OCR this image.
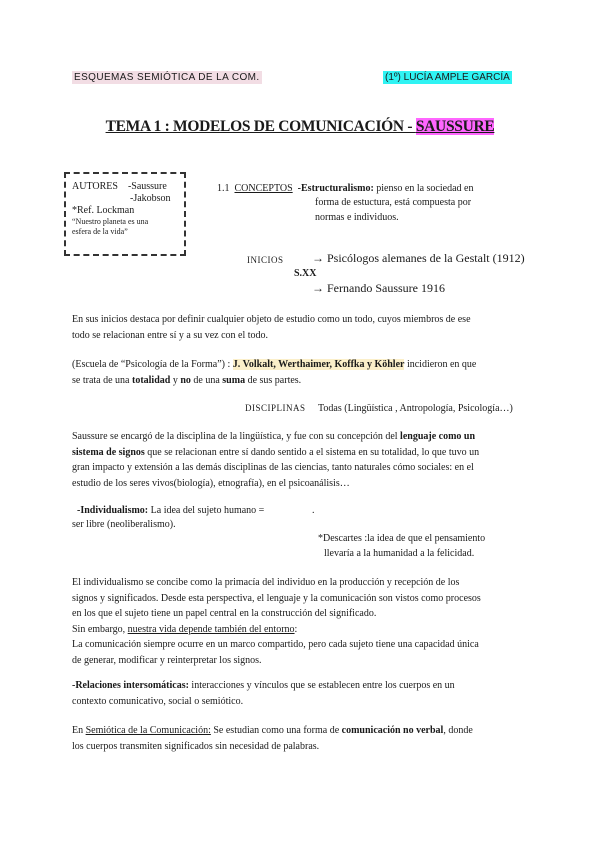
ESQUEMAS SEMIÓTICA DE LA COM.	(1º) LUCÍA AMPLE GARCÍA
TEMA 1 : MODELOS DE COMUNICACIÓN - SAUSSURE
AUTORES -Saussure
-Jakobson
*Ref. Lockman
“Nuestro planeta es una
esfera de la vida”
1.1 CONCEPTOS -Estructuralismo: pienso en la sociedad en
forma de estuctura, está compuesta por
normas e individuos.
INICIOS → Psicólogos alemanes de la Gestalt (1912)
S.XX
→ Fernando Saussure 1916
En sus inicios destaca por definir cualquier objeto de estudio como un todo, cuyos miembros de ese
todo se relacionan entre sí y a su vez con el todo.
(Escuela de “Psicología de la Forma”) : J. Volkalt, Werthaimer, Koffka y Köhler incidieron en que
se trata de una totalidad y no de una suma de sus partes.
DISCIPLINAS Todas (Lingüística , Antropología, Psicología…)
Saussure se encargó de la disciplina de la lingüística, y fue con su concepción del lenguaje como un
sistema de signos que se relacionan entre sí dando sentido a el sistema en su totalidad, lo que tuvo un
gran impacto y extensión a las demás disciplinas de las ciencias, tanto naturales cómo sociales: en el
estudio de los seres vivos(biología), etnografía), en el psicoanálisis…
-Individualismo: La idea del sujeto humano =	.
ser libre (neoliberalismo).
*Descartes :la idea de que el pensamiento
llevaría a la humanidad a la felicidad.
El individualismo se concibe como la primacía del individuo en la producción y recepción de los
signos y significados. Desde esta perspectiva, el lenguaje y la comunicación son vistos como procesos
en los que el sujeto tiene un papel central en la construcción del significado.
Sin embargo, nuestra vida depende también del entorno:
La comunicación siempre ocurre en un marco compartido, pero cada sujeto tiene una capacidad única
de generar, modificar y reinterpretar los signos.
-Relaciones intersomáticas: interacciones y vínculos que se establecen entre los cuerpos en un
contexto comunicativo, social o semiótico.
En Semiótica de la Comunicación: Se estudian como una forma de comunicación no verbal, donde
los cuerpos transmiten significados sin necesidad de palabras.
